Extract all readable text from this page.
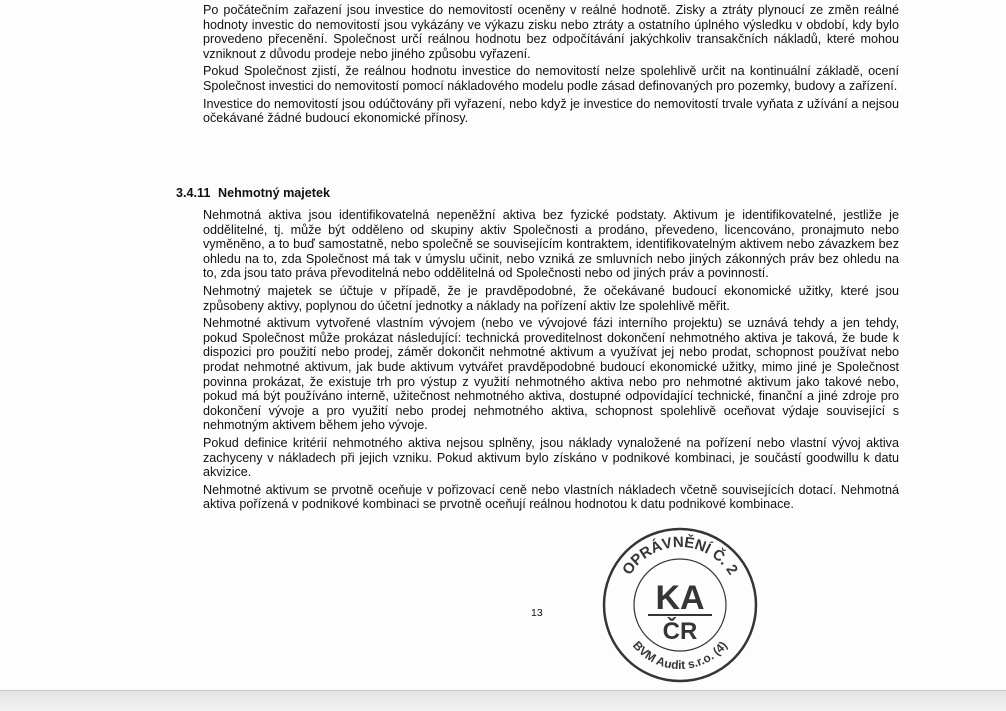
Po počátečním zařazení jsou investice do nemovitostí oceněny v reálné hodnotě. Zisky a ztráty plynoucí ze změn reálné hodnoty investic do nemovitostí jsou vykázány ve výkazu zisku nebo ztráty a ostatního úplného výsledku v období, kdy bylo provedeno přecenění. Společnost určí reálnou hodnotu bez odpočítávání jakýchkoliv transakčních nákladů, které mohou vzniknout z důvodu prodeje nebo jiného způsobu vyřazení.

Pokud Společnost zjistí, že reálnou hodnotu investice do nemovitostí nelze spolehlivě určit na kontinuální základě, ocení Společnost investici do nemovitostí pomocí nákladového modelu podle zásad definovaných pro pozemky, budovy a zařízení.

Investice do nemovitostí jsou odúčtovány při vyřazení, nebo když je investice do nemovitostí trvale vyňata z užívání a nejsou očekávané žádné budoucí ekonomické přínosy.

Nehmotná aktiva jsou identifikovatelná nepeněžní aktiva bez fyzické podstaty. Aktivum je identifikovatelné, jestliže je oddělitelné, tj. může být odděleno od skupiny aktiv Společnosti a prodáno, převedeno, licencováno, pronajmuto nebo vyměněno, a to buď samostatně, nebo společně se souvisejícím kontraktem, identifikovatelným aktivem nebo závazkem bez ohledu na to, zda Společnost má tak v úmyslu učinit, nebo vzniká ze smluvních nebo jiných zákonných práv bez ohledu na to, zda jsou tato práva převoditelná nebo oddělitelná od Společnosti nebo od jiných práv a povinností.

Nehmotný majetek se účtuje v případě, že je pravděpodobné, že očekávané budoucí ekonomické užitky, které jsou způsobeny aktivy, poplynou do účetní jednotky a náklady na pořízení aktiv lze spolehlivě měřit.

Nehmotné aktivum vytvořené vlastním vývojem (nebo ve vývojové fázi interního projektu) se uznává tehdy a jen tehdy, pokud Společnost může prokázat následující: technická proveditelnost dokončení nehmotného aktiva je taková, že bude k dispozici pro použití nebo prodej, záměr dokončit nehmotné aktivum a využívat jej nebo prodat, schopnost používat nebo prodat nehmotné aktivum, jak bude aktivum vytvářet pravděpodobné budoucí ekonomické užitky, mimo jiné je Společnost povinna prokázat, že existuje trh pro výstup z využití nehmotného aktiva nebo pro nehmotné aktivum jako takové nebo, pokud má být používáno interně, užitečnost nehmotného aktiva, dostupné odpovídající technické, finanční a jiné zdroje pro dokončení vývoje a pro využití nebo prodej nehmotného aktiva, schopnost spolehlivě oceňovat výdaje související s nehmotným aktivem během jeho vývoje.

Pokud definice kritérií nehmotného aktiva nejsou splněny, jsou náklady vynaložené na pořízení nebo vlastní vývoj aktiva zachyceny v nákladech při jejich vzniku. Pokud aktivum bylo získáno v podnikové kombinaci, je součástí goodwillu k datu akvizice.

Nehmotné aktivum se prvotně oceňuje v pořizovací ceně nebo vlastních nákladech včetně souvisejících dotací. Nehmotná aktiva pořízená v podnikové kombinaci se prvotně oceňují reálnou hodnotou k datu podnikové kombinace.

3.4.11 Nehmotný majetek
13
OPRÁVNĚNÍ Č. 2
BVM Audit s.r.o. (4)
KA
ČR
